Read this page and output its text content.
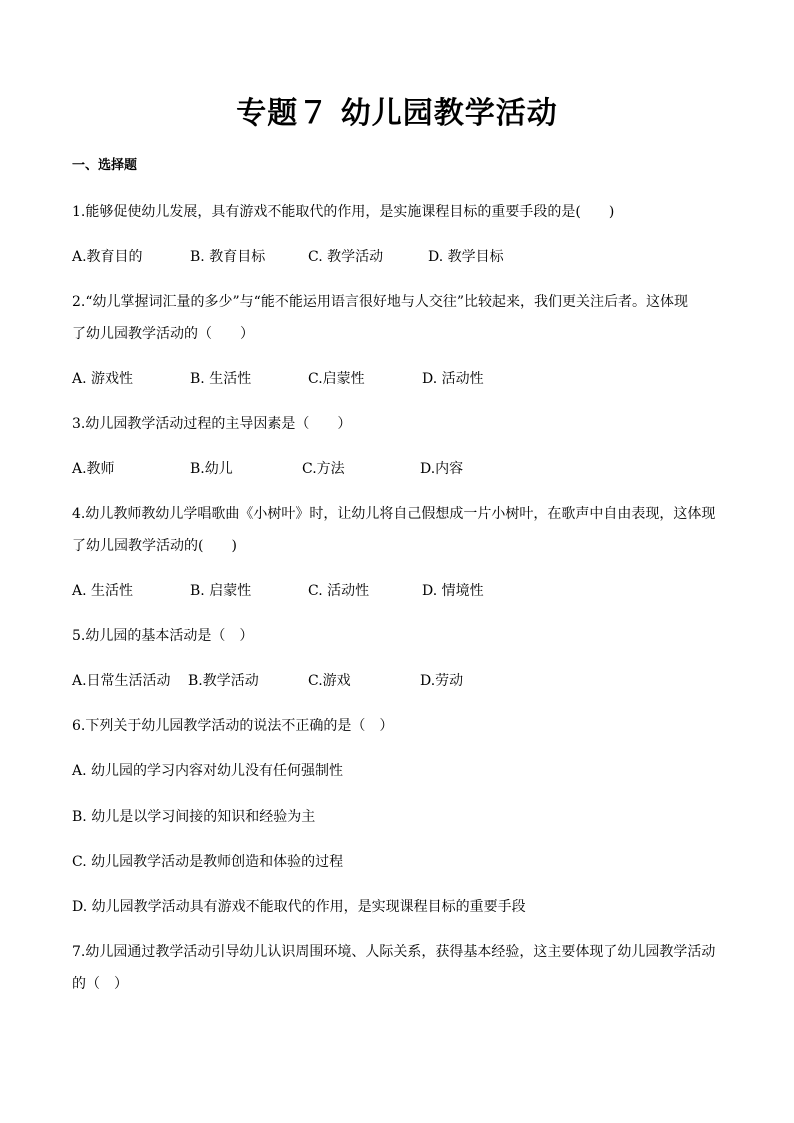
专题７ 幼儿园教学活动
一、选择题
1.能够促使幼儿发展，具有游戏不能取代的作用，是实施课程目标的重要手段的是(　　)
A.教育目的	B. 教育目标	C. 教学活动	D. 教学目标
2.“幼儿掌握词汇量的多少”与“能不能运用语言很好地与人交往”比较起来，我们更关注后者。这体现
了幼儿园教学活动的（　　）
A. 游戏性	B. 生活性	C.启蒙性	D. 活动性
3.幼儿园教学活动过程的主导因素是（　　）
A.教师	B.幼儿	C.方法	D.内容
4.幼儿教师教幼儿学唱歌曲《小树叶》时，让幼儿将自己假想成一片小树叶，在歌声中自由表现，这体现
了幼儿园教学活动的(　　)
A. 生活性	B. 启蒙性	C. 活动性	D. 情境性
5.幼儿园的基本活动是（　）
A.日常生活活动 B.教学活动	C.游戏	D.劳动
6.下列关于幼儿园教学活动的说法不正确的是（　）
A. 幼儿园的学习内容对幼儿没有任何强制性
B. 幼儿是以学习间接的知识和经验为主
C. 幼儿园教学活动是教师创造和体验的过程
D. 幼儿园教学活动具有游戏不能取代的作用，是实现课程目标的重要手段
7.幼儿园通过教学活动引导幼儿认识周围环境、人际关系，获得基本经验，这主要体现了幼儿园教学活动
的（　）
